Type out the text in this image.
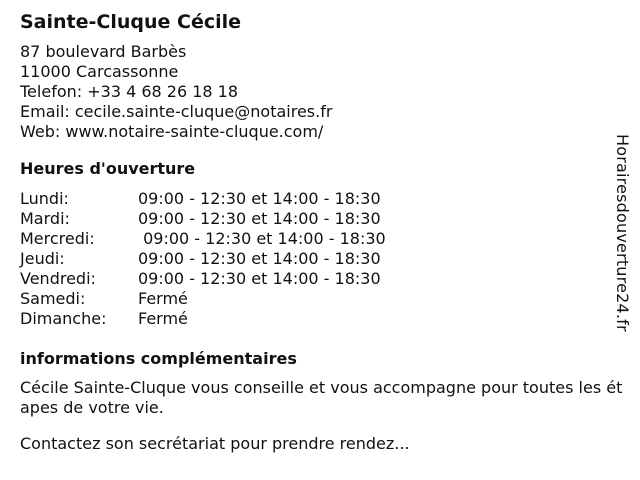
Sainte-Cluque Cécile
87 boulevard Barbès
11000 Carcassonne
Telefon: +33 4 68 26 18 18
Email: cecile.sainte-cluque@notaires.fr
Web: www.notaire-sainte-cluque.com/
Heures d'ouverture
Lundi:	09:00 - 12:30 et 14:00 - 18:30
Mardi:	09:00 - 12:30 et 14:00 - 18:30
Mercredi:	09:00 - 12:30 et 14:00 - 18:30
Jeudi:	09:00 - 12:30 et 14:00 - 18:30
Vendredi:	09:00 - 12:30 et 14:00 - 18:30
Samedi:	Fermé
Dimanche:	Fermé
informations complémentaires
Cécile Sainte-Cluque vous conseille et vous accompagne pour toutes les étapes de votre vie.
Contactez son secrétariat pour prendre rendez...
Horairesdouverture24.fr
